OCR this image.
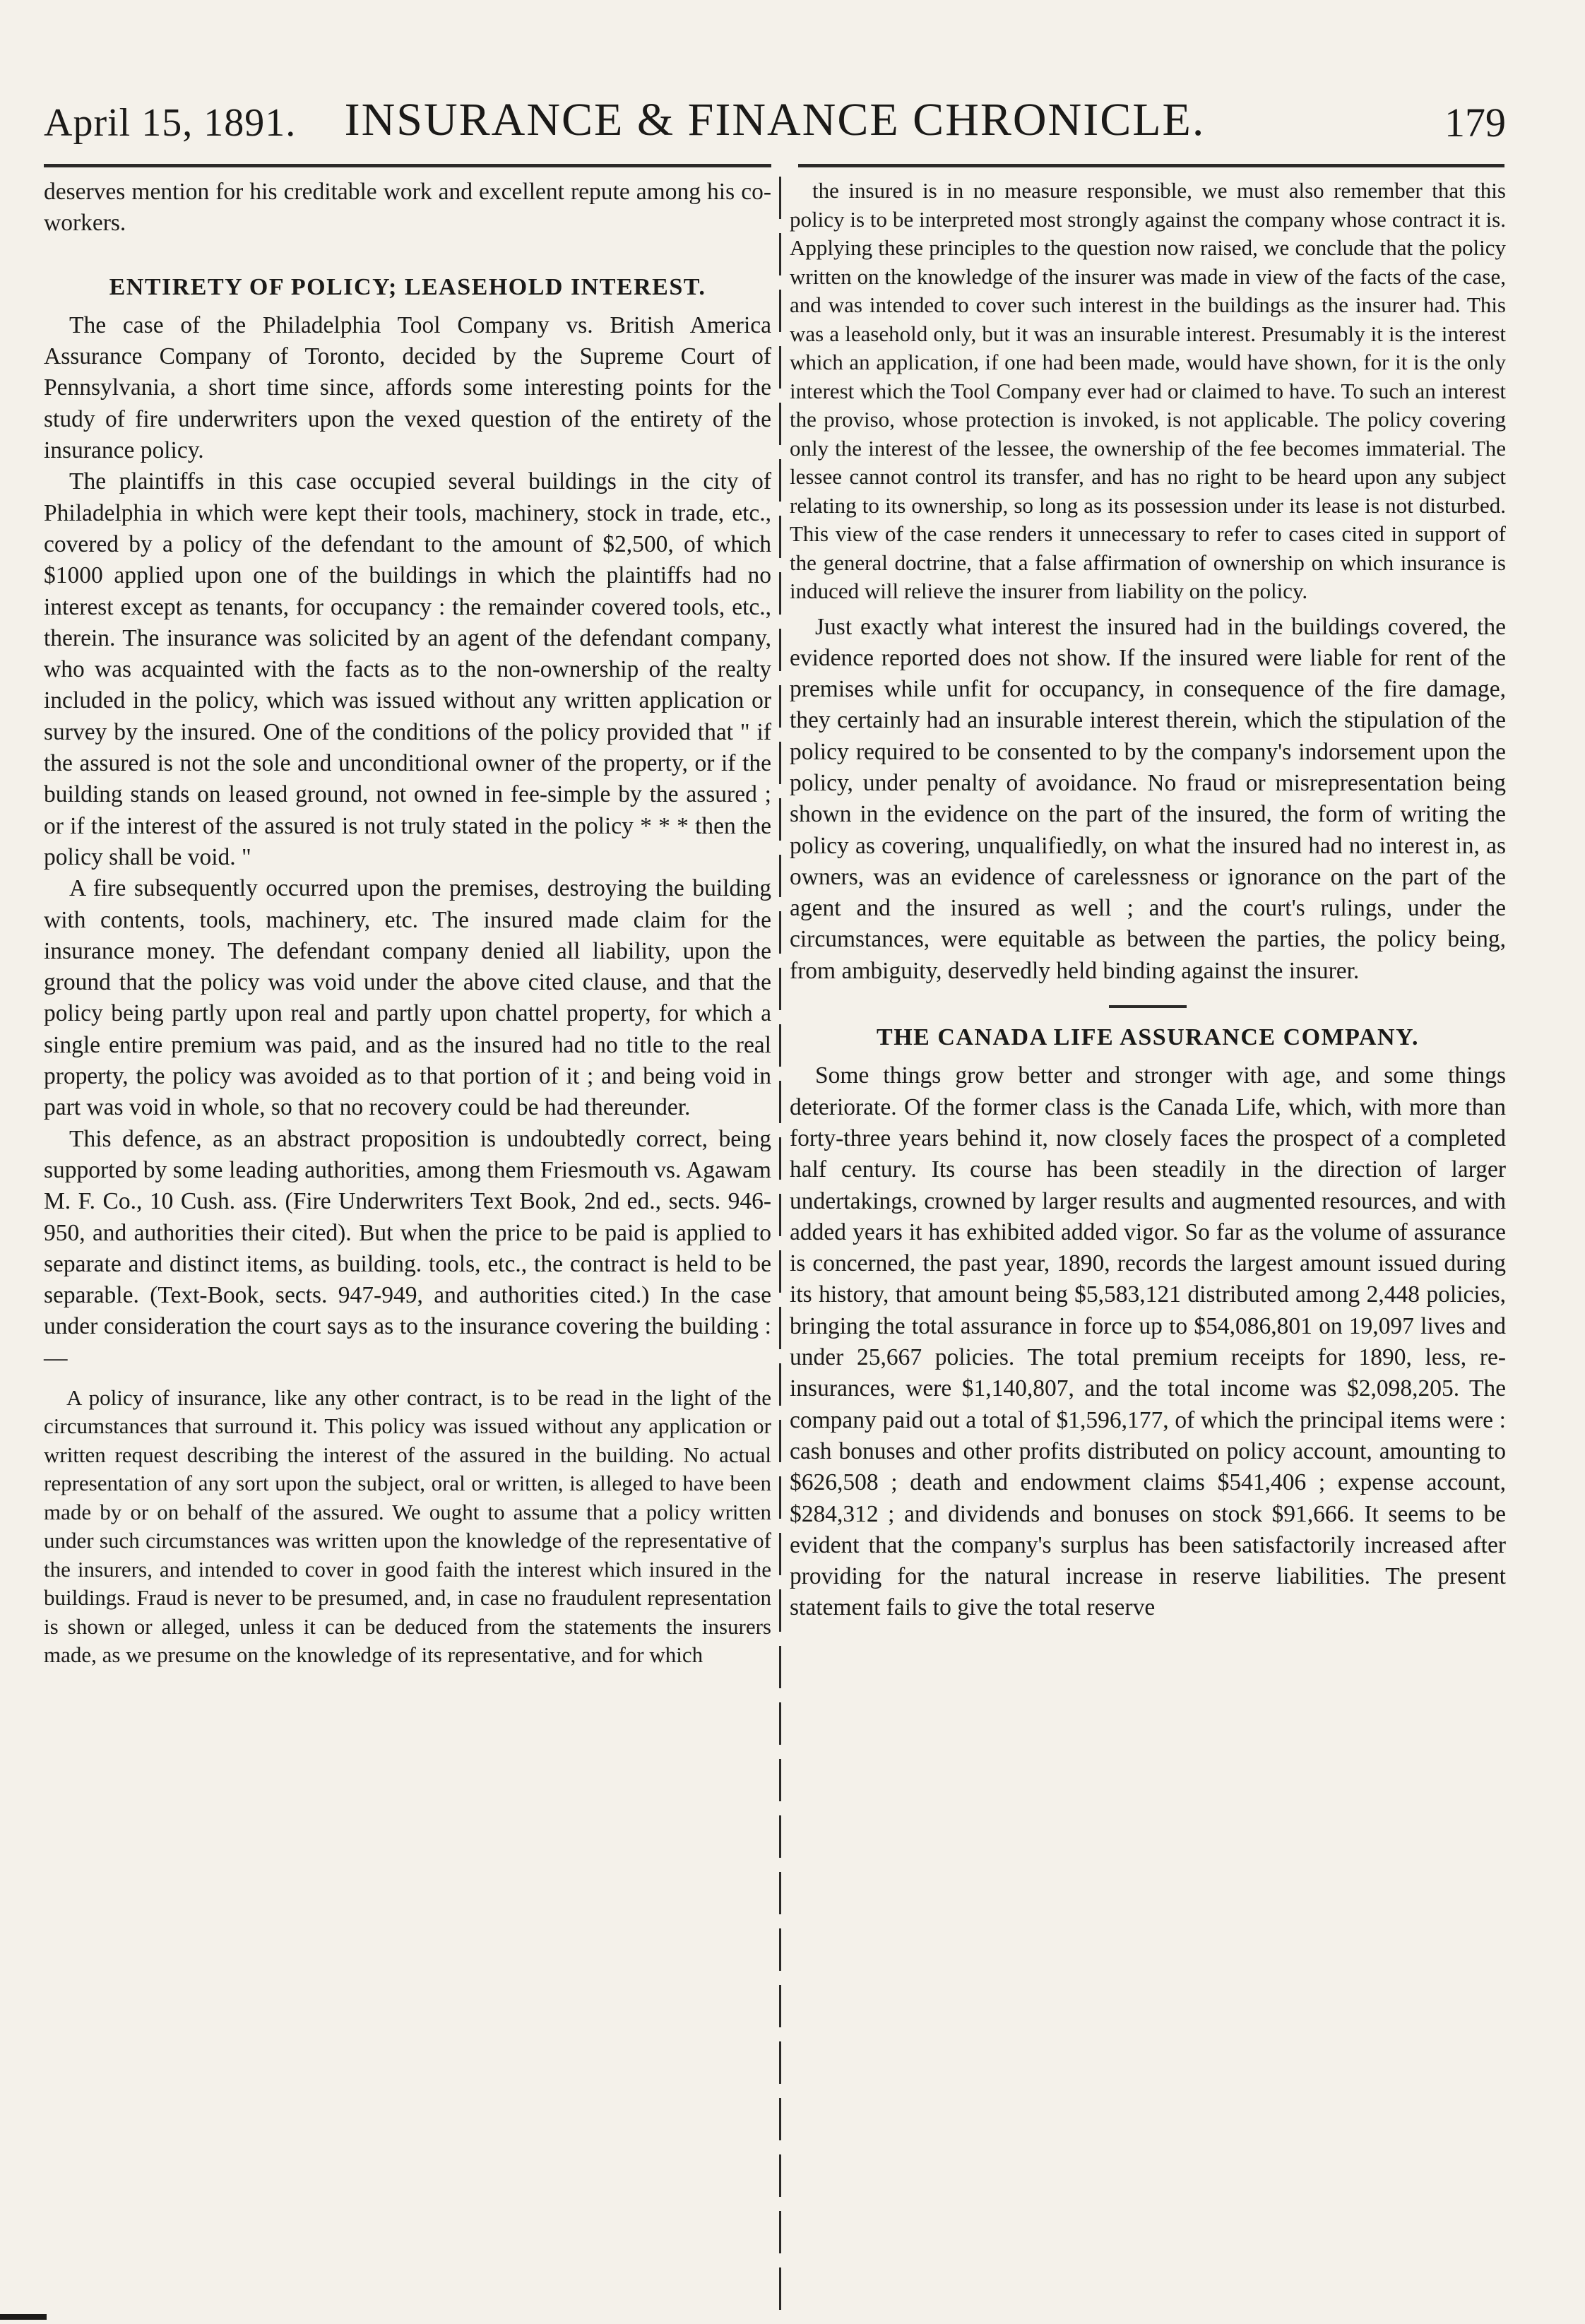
April 15, 1891.	INSURANCE & FINANCE CHRONICLE.	179

deserves mention for his creditable work and excellent repute among his co-workers.

ENTIRETY OF POLICY; LEASEHOLD INTEREST.

The case of the Philadelphia Tool Company vs. British America Assurance Company of Toronto, decided by the Supreme Court of Pennsylvania, a short time since, affords some interesting points for the study of fire underwriters upon the vexed question of the entirety of the insurance policy.

The plaintiffs in this case occupied several buildings in the city of Philadelphia in which were kept their tools, machinery, stock in trade, etc., covered by a policy of the defendant to the amount of $2,500, of which $1000 applied upon one of the buildings in which the plaintiffs had no interest except as tenants, for occupancy : the remainder covered tools, etc., therein. The insurance was solicited by an agent of the defendant company, who was acquainted with the facts as to the non-ownership of the realty included in the policy, which was issued without any written application or survey by the insured. One of the conditions of the policy provided that " if the assured is not the sole and unconditional owner of the property, or if the building stands on leased ground, not owned in fee-simple by the assured ; or if the interest of the assured is not truly stated in the policy * * * then the policy shall be void. "

A fire subsequently occurred upon the premises, destroying the building with contents, tools, machinery, etc. The insured made claim for the insurance money. The defendant company denied all liability, upon the ground that the policy was void under the above cited clause, and that the policy being partly upon real and partly upon chattel property, for which a single entire premium was paid, and as the insured had no title to the real property, the policy was avoided as to that portion of it ; and being void in part was void in whole, so that no recovery could be had thereunder.

This defence, as an abstract proposition is undoubtedly correct, being supported by some leading authorities, among them Friesmouth vs. Agawam M. F. Co., 10 Cush. ass. (Fire Underwriters Text Book, 2nd ed., sects. 946-950, and authorities their cited). But when the price to be paid is applied to separate and distinct items, as building. tools, etc., the contract is held to be separable. (Text-Book, sects. 947-949, and authorities cited.) In the case under consideration the court says as to the insurance covering the building :—

A policy of insurance, like any other contract, is to be read in the light of the circumstances that surround it. This policy was issued without any application or written request describing the interest of the assured in the building. No actual representation of any sort upon the subject, oral or written, is alleged to have been made by or on behalf of the assured. We ought to assume that a policy written under such circumstances was written upon the knowledge of the representative of the insurers, and intended to cover in good faith the interest which insured in the buildings. Fraud is never to be presumed, and, in case no fraudulent representation is shown or alleged, unless it can be deduced from the statements the insurers made, as we presume on the knowledge of its representative, and for which

the insured is in no measure responsible, we must also remember that this policy is to be interpreted most strongly against the company whose contract it is. Applying these principles to the question now raised, we conclude that the policy written on the knowledge of the insurer was made in view of the facts of the case, and was intended to cover such interest in the buildings as the insurer had. This was a leasehold only, but it was an insurable interest. Presumably it is the interest which an application, if one had been made, would have shown, for it is the only interest which the Tool Company ever had or claimed to have. To such an interest the proviso, whose protection is invoked, is not applicable. The policy covering only the interest of the lessee, the ownership of the fee becomes immaterial. The lessee cannot control its transfer, and has no right to be heard upon any subject relating to its ownership, so long as its possession under its lease is not disturbed. This view of the case renders it unnecessary to refer to cases cited in support of the general doctrine, that a false affirmation of ownership on which insurance is induced will relieve the insurer from liability on the policy.

Just exactly what interest the insured had in the buildings covered, the evidence reported does not show. If the insured were liable for rent of the premises while unfit for occupancy, in consequence of the fire damage, they certainly had an insurable interest therein, which the stipulation of the policy required to be consented to by the company's indorsement upon the policy, under penalty of avoidance. No fraud or misrepresentation being shown in the evidence on the part of the insured, the form of writing the policy as covering, unqualifiedly, on what the insured had no interest in, as owners, was an evidence of carelessness or ignorance on the part of the agent and the insured as well ; and the court's rulings, under the circumstances, were equitable as between the parties, the policy being, from ambiguity, deservedly held binding against the insurer.

THE CANADA LIFE ASSURANCE COMPANY.

Some things grow better and stronger with age, and some things deteriorate. Of the former class is the Canada Life, which, with more than forty-three years behind it, now closely faces the prospect of a completed half century. Its course has been steadily in the direction of larger undertakings, crowned by larger results and augmented resources, and with added years it has exhibited added vigor. So far as the volume of assurance is concerned, the past year, 1890, records the largest amount issued during its history, that amount being $5,583,121 distributed among 2,448 policies, bringing the total assurance in force up to $54,086,801 on 19,097 lives and under 25,667 policies. The total premium receipts for 1890, less, re-insurances, were $1,140,807, and the total income was $2,098,205. The company paid out a total of $1,596,177, of which the principal items were : cash bonuses and other profits distributed on policy account, amounting to $626,508 ; death and endowment claims $541,406 ; expense account, $284,312 ; and dividends and bonuses on stock $91,666. It seems to be evident that the company's surplus has been satisfactorily increased after providing for the natural increase in reserve liabilities. The present statement fails to give the total reserve
